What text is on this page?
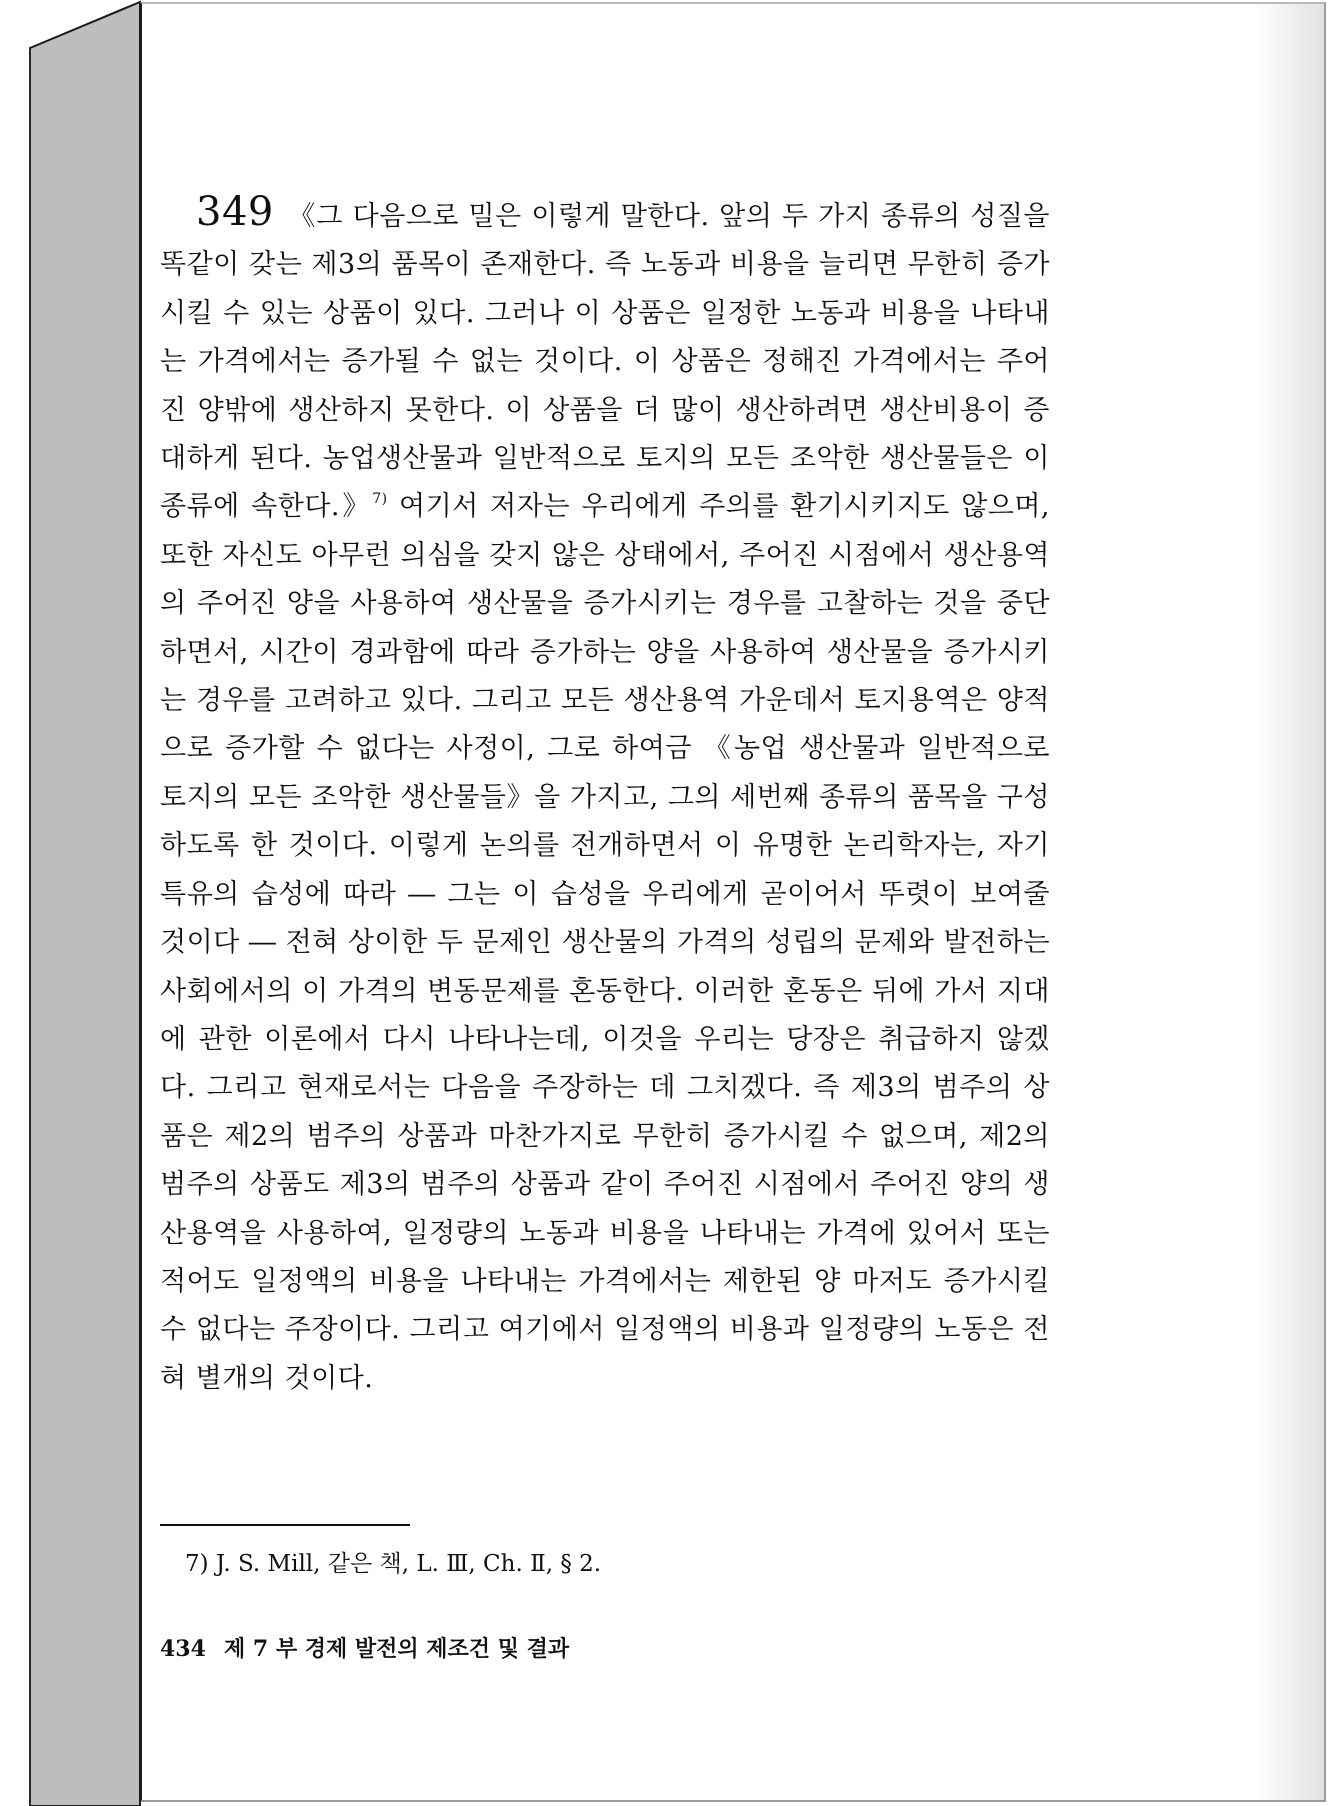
349 《그 다음으로 밀은 이렇게 말한다. 앞의 두 가지 종류의 성질을 똑같이 갖는 제3의 품목이 존재한다. 즉 노동과 비용을 늘리면 무한히 증가시킬 수 있는 상품이 있다. 그러나 이 상품은 일정한 노동과 비용을 나타내는 가격에서는 증가될 수 없는 것이다. 이 상품은 정해진 가격에서는 주어진 양밖에 생산하지 못한다. 이 상품을 더 많이 생산하려면 생산비용이 증대하게 된다. 농업생산물과 일반적으로 토지의 모든 조악한 생산물들은 이 종류에 속한다.》$^{7)}$ 여기서 저자는 우리에게 주의를 환기시키지도 않으며, 또한 자신도 아무런 의심을 갖지 않은 상태에서, 주어진 시점에서 생산용역의 주어진 양을 사용하여 생산물을 증가시키는 경우를 고찰하는 것을 중단하면서, 시간이 경과함에 따라 증가하는 양을 사용하여 생산물을 증가시키는 경우를 고려하고 있다. 그리고 모든 생산용역 가운데서 토지용역은 양적으로 증가할 수 없다는 사정이, 그로 하여금 《농업 생산물과 일반적으로 토지의 모든 조악한 생산물들》을 가지고, 그의 세번째 종류의 품목을 구성하도록 한 것이다. 이렇게 논의를 전개하면서 이 유명한 논리학자는, 자기 특유의 습성에 따라 ― 그는 이 습성을 우리에게 곧이어서 뚜렷이 보여줄 것이다 ― 전혀 상이한 두 문제인 생산물의 가격의 성립의 문제와 발전하는 사회에서의 이 가격의 변동문제를 혼동한다. 이러한 혼동은 뒤에 가서 지대에 관한 이론에서 다시 나타나는데, 이것을 우리는 당장은 취급하지 않겠다. 그리고 현재로서는 다음을 주장하는 데 그치겠다. 즉 제3의 범주의 상품은 제2의 범주의 상품과 마찬가지로 무한히 증가시킬 수 없으며, 제2의 범주의 상품도 제3의 범주의 상품과 같이 주어진 시점에서 주어진 양의 생산용역을 사용하여, 일정량의 노동과 비용을 나타내는 가격에 있어서 또는 적어도 일정액의 비용을 나타내는 가격에서는 제한된 양 마저도 증가시킬 수 없다는 주장이다. 그리고 여기에서 일정액의 비용과 일정량의 노동은 전혀 별개의 것이다.
7) J. S. Mill, 같은 책, L. Ⅲ, Ch. Ⅱ, § 2.
434 제 7 부 경제 발전의 제조건 및 결과
